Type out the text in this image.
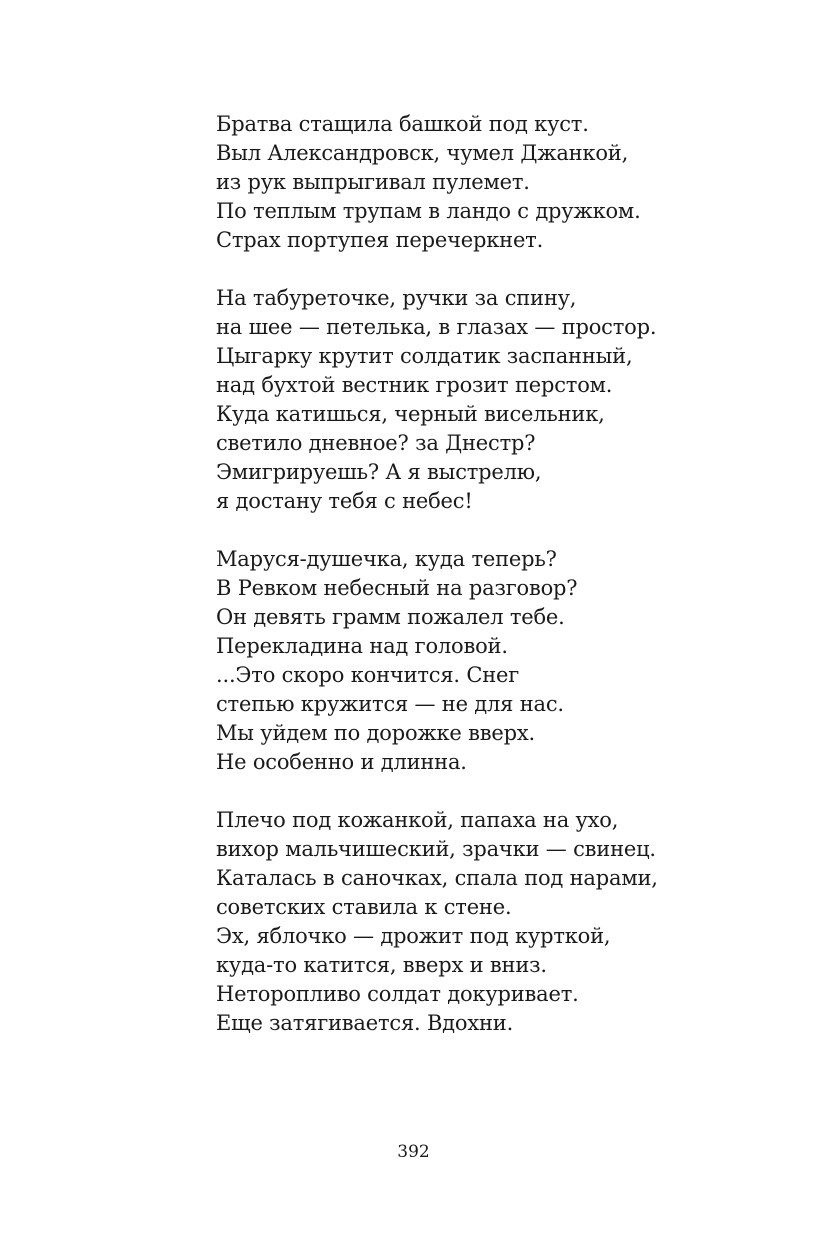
Братва стащила башкой под куст.
Выл Александровск, чумел Джанкой,
из рук выпрыгивал пулемет.
По теплым трупам в ландо с дружком.
Страх портупея перечеркнет.
На табуреточке, ручки за спину,
на шее — петелька, в глазах — простор.
Цыгарку крутит солдатик заспанный,
над бухтой вестник грозит перстом.
Куда катишься, черный висельник,
светило дневное? за Днестр?
Эмигрируешь? А я выстрелю,
я достану тебя с небес!
Маруся-душечка, куда теперь?
В Ревком небесный на разговор?
Он девять грамм пожалел тебе.
Перекладина над головой.
...Это скоро кончится. Снег
степью кружится — не для нас.
Мы уйдем по дорожке вверх.
Не особенно и длинна.
Плечо под кожанкой, папаха на ухо,
вихор мальчишеский, зрачки — свинец.
Каталась в саночках, спала под нарами,
советских ставила к стене.
Эх, яблочко — дрожит под курткой,
куда-то катится, вверх и вниз.
Неторопливо солдат докуривает.
Еще затягивается. Вдохни.
392
